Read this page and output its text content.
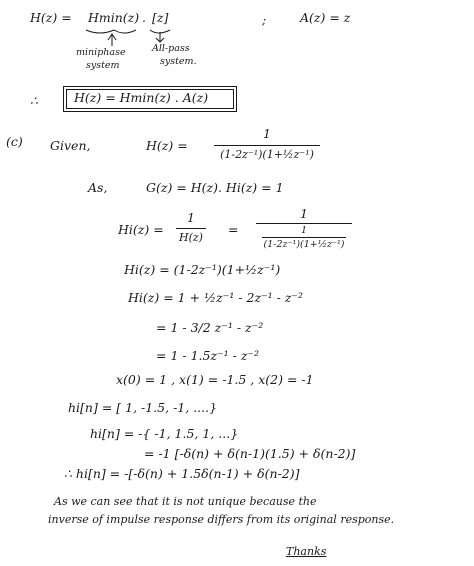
H(z) = Hmin(z) . [z]	;	A(z) = z
miniphase
system
All-pass
system.
∴	H(z) = Hmin(z) . A(z)
(c) Given,	H(z) =
1
(1-2z⁻¹)(1+½z⁻¹)
As,	G(z) = H(z). Hi(z) = 1
Hi(z) =
1
H(z)
=
1
1
(1-2z⁻¹)(1+½z⁻¹)
Hi(z) = (1-2z⁻¹)(1+½z⁻¹)
Hi(z) = 1 + ½z⁻¹ - 2z⁻¹ - z⁻²
= 1 - 3/2 z⁻¹ - z⁻²
= 1 - 1.5z⁻¹ - z⁻²
x(0) = 1 , x(1) = -1.5 , x(2) = -1
hi[n] = [ 1, -1.5, -1, ....}
hi[n] = -{ -1, 1.5, 1, ...}
= -1 [-δ(n) + δ(n-1)(1.5) + δ(n-2)]
∴ hi[n] = -[-δ(n) + 1.5δ(n-1) + δ(n-2)]
As we can see that it is not unique because the
inverse of impulse response differs from its original response.
Thanks
